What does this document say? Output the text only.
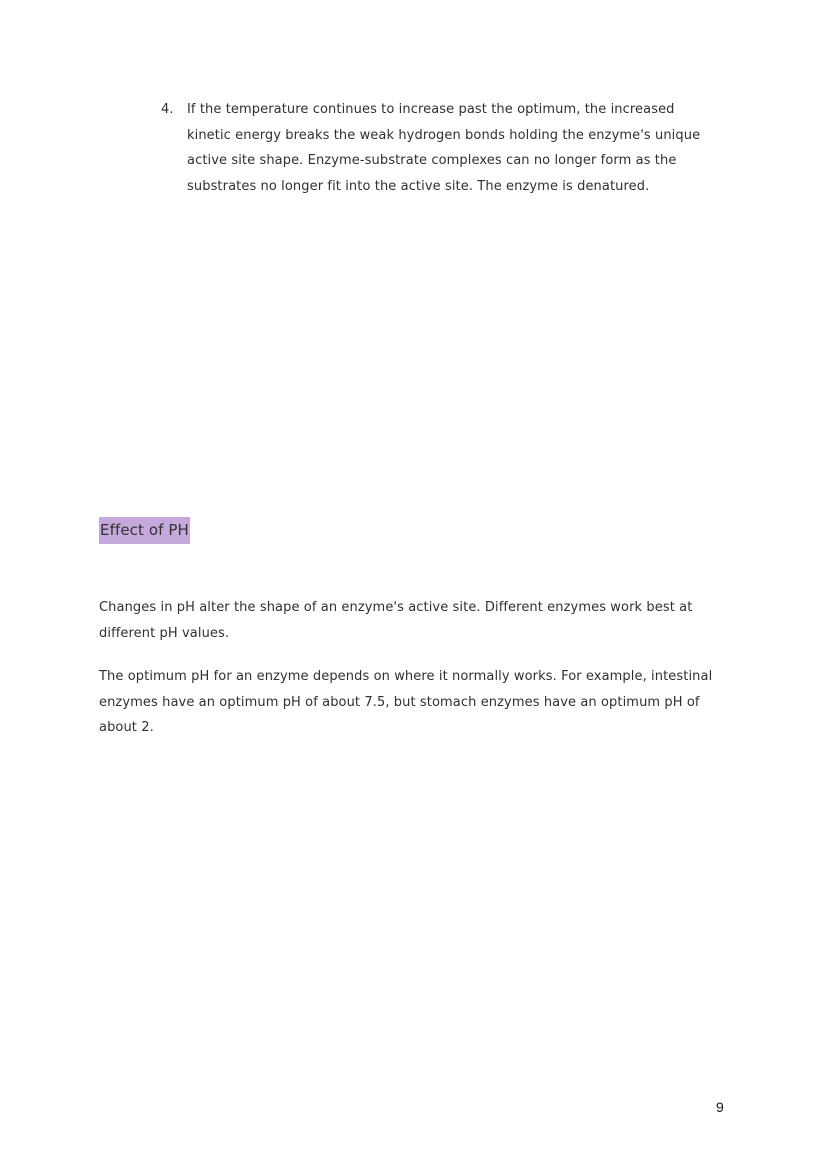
4.	If the temperature continues to increase past the optimum, the increased kinetic energy breaks the weak hydrogen bonds holding the enzyme's unique active site shape. Enzyme-substrate complexes can no longer form as the substrates no longer fit into the active site. The enzyme is denatured.
Effect of PH

Changes in pH alter the shape of an enzyme's active site. Different enzymes work best at different pH values.

The optimum pH for an enzyme depends on where it normally works. For example, intestinal enzymes have an optimum pH of about 7.5, but stomach enzymes have an optimum pH of about 2.

9
